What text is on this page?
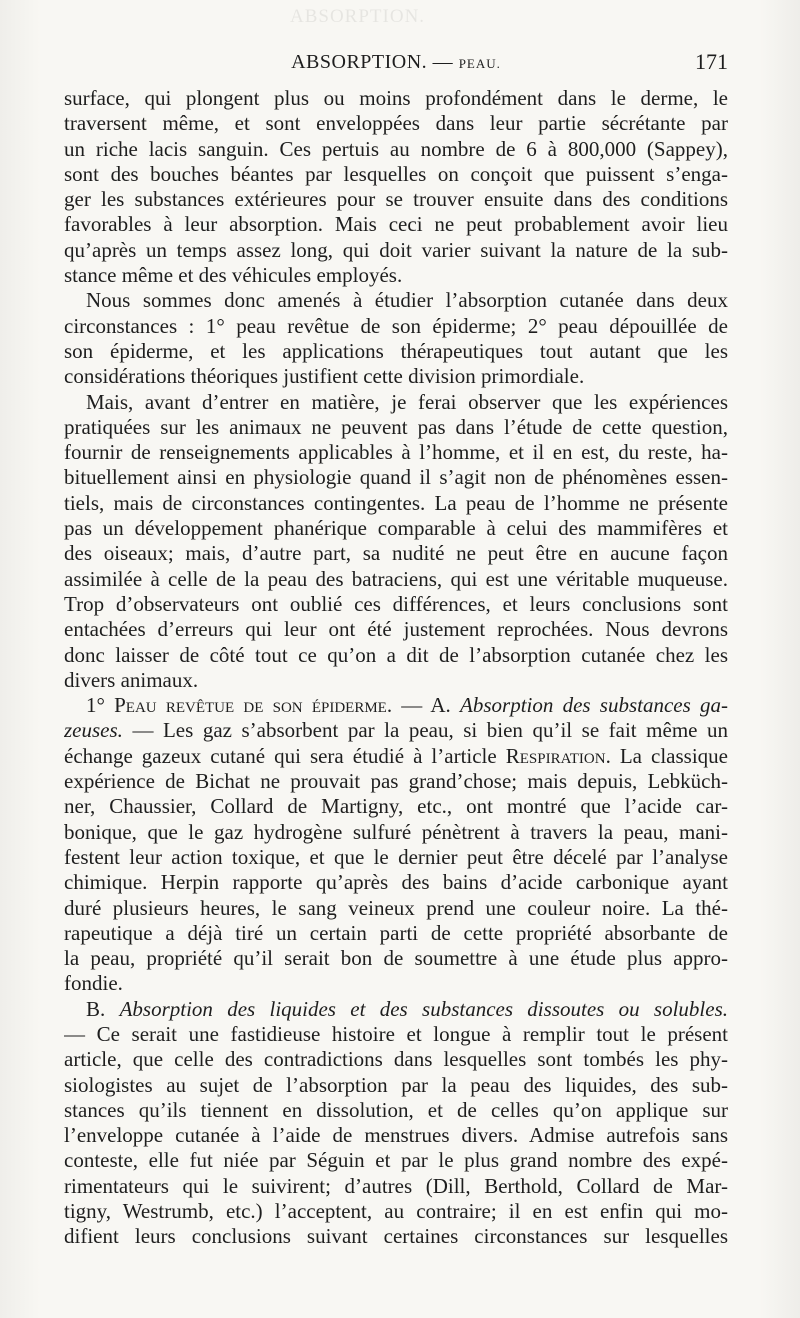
ABSORPTION.
ABSORPTION. — PEAU.	171
surface, qui plongent plus ou moins profondément dans le derme, le
traversent même, et sont enveloppées dans leur partie sécrétante par
un riche lacis sanguin. Ces pertuis au nombre de 6 à 800,000 (Sappey),
sont des bouches béantes par lesquelles on conçoit que puissent s’enga-
ger les substances extérieures pour se trouver ensuite dans des conditions
favorables à leur absorption. Mais ceci ne peut probablement avoir lieu
qu’après un temps assez long, qui doit varier suivant la nature de la sub-
stance même et des véhicules employés.
Nous sommes donc amenés à étudier l’absorption cutanée dans deux
circonstances : 1° peau revêtue de son épiderme; 2° peau dépouillée de
son épiderme, et les applications thérapeutiques tout autant que les
considérations théoriques justifient cette division primordiale.
Mais, avant d’entrer en matière, je ferai observer que les expériences
pratiquées sur les animaux ne peuvent pas dans l’étude de cette question,
fournir de renseignements applicables à l’homme, et il en est, du reste, ha-
bituellement ainsi en physiologie quand il s’agit non de phénomènes essen-
tiels, mais de circonstances contingentes. La peau de l’homme ne présente
pas un développement phanérique comparable à celui des mammifères et
des oiseaux; mais, d’autre part, sa nudité ne peut être en aucune façon
assimilée à celle de la peau des batraciens, qui est une véritable muqueuse.
Trop d’observateurs ont oublié ces différences, et leurs conclusions sont
entachées d’erreurs qui leur ont été justement reprochées. Nous devrons
donc laisser de côté tout ce qu’on a dit de l’absorption cutanée chez les
divers animaux.
1° Peau revêtue de son épiderme. — A. Absorption des substances ga-
zeuses. — Les gaz s’absorbent par la peau, si bien qu’il se fait même un
échange gazeux cutané qui sera étudié à l’article Respiration. La classique
expérience de Bichat ne prouvait pas grand’chose; mais depuis, Lebküch-
ner, Chaussier, Collard de Martigny, etc., ont montré que l’acide car-
bonique, que le gaz hydrogène sulfuré pénètrent à travers la peau, mani-
festent leur action toxique, et que le dernier peut être décelé par l’analyse
chimique. Herpin rapporte qu’après des bains d’acide carbonique ayant
duré plusieurs heures, le sang veineux prend une couleur noire. La thé-
rapeutique a déjà tiré un certain parti de cette propriété absorbante de
la peau, propriété qu’il serait bon de soumettre à une étude plus appro-
fondie.
B. Absorption des liquides et des substances dissoutes ou solubles.
— Ce serait une fastidieuse histoire et longue à remplir tout le présent
article, que celle des contradictions dans lesquelles sont tombés les phy-
siologistes au sujet de l’absorption par la peau des liquides, des sub-
stances qu’ils tiennent en dissolution, et de celles qu’on applique sur
l’enveloppe cutanée à l’aide de menstrues divers. Admise autrefois sans
conteste, elle fut niée par Séguin et par le plus grand nombre des expé-
rimentateurs qui le suivirent; d’autres (Dill, Berthold, Collard de Mar-
tigny, Westrumb, etc.) l’acceptent, au contraire; il en est enfin qui mo-
difient leurs conclusions suivant certaines circonstances sur lesquelles
